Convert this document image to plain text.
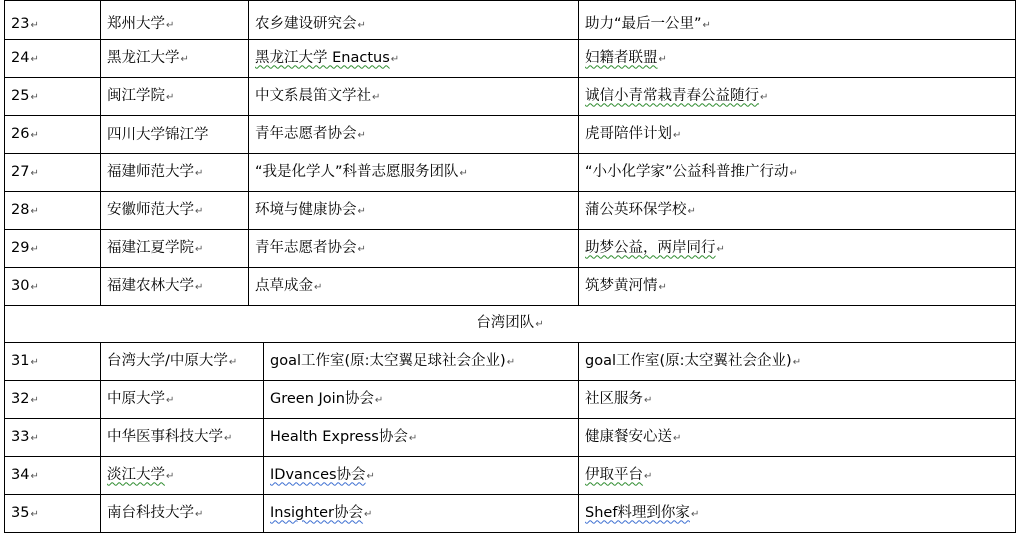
23↵	郑州大学↵	农乡建设研究会↵		助力“最后一公里”↵
24↵	黑龙江大学↵	黑龙江大学 Enactus↵		妇籍者联盟↵
25↵	闽江学院↵	中文系晨笛文学社↵		诚信小青常栽青春公益随行↵
26↵	四川大学锦江学	青年志愿者协会↵		虎哥陪伴计划↵
27↵	福建师范大学↵	“我是化学人”科普志愿服务团队↵		“小小化学家”公益科普推广行动↵
28↵	安徽师范大学↵	环境与健康协会↵		蒲公英环保学校↵
29↵	福建江夏学院↵	青年志愿者协会↵		助梦公益，两岸同行↵
30↵	福建农林大学↵	点草成金↵		筑梦黄河情↵
台湾团队↵				
31↵	台湾大学/中原大学↵		goal工作室(原:太空翼足球社会企业)↵	goal工作室(原:太空翼社会企业)↵
32↵	中原大学↵		Green Join协会↵	社区服务↵
33↵	中华医事科技大学↵		Health Express协会↵	健康餐安心送↵
34↵	淡江大学↵		IDvances协会↵	伊取平台↵
35↵	南台科技大学↵		Insighter协会↵	Shef料理到你家↵
